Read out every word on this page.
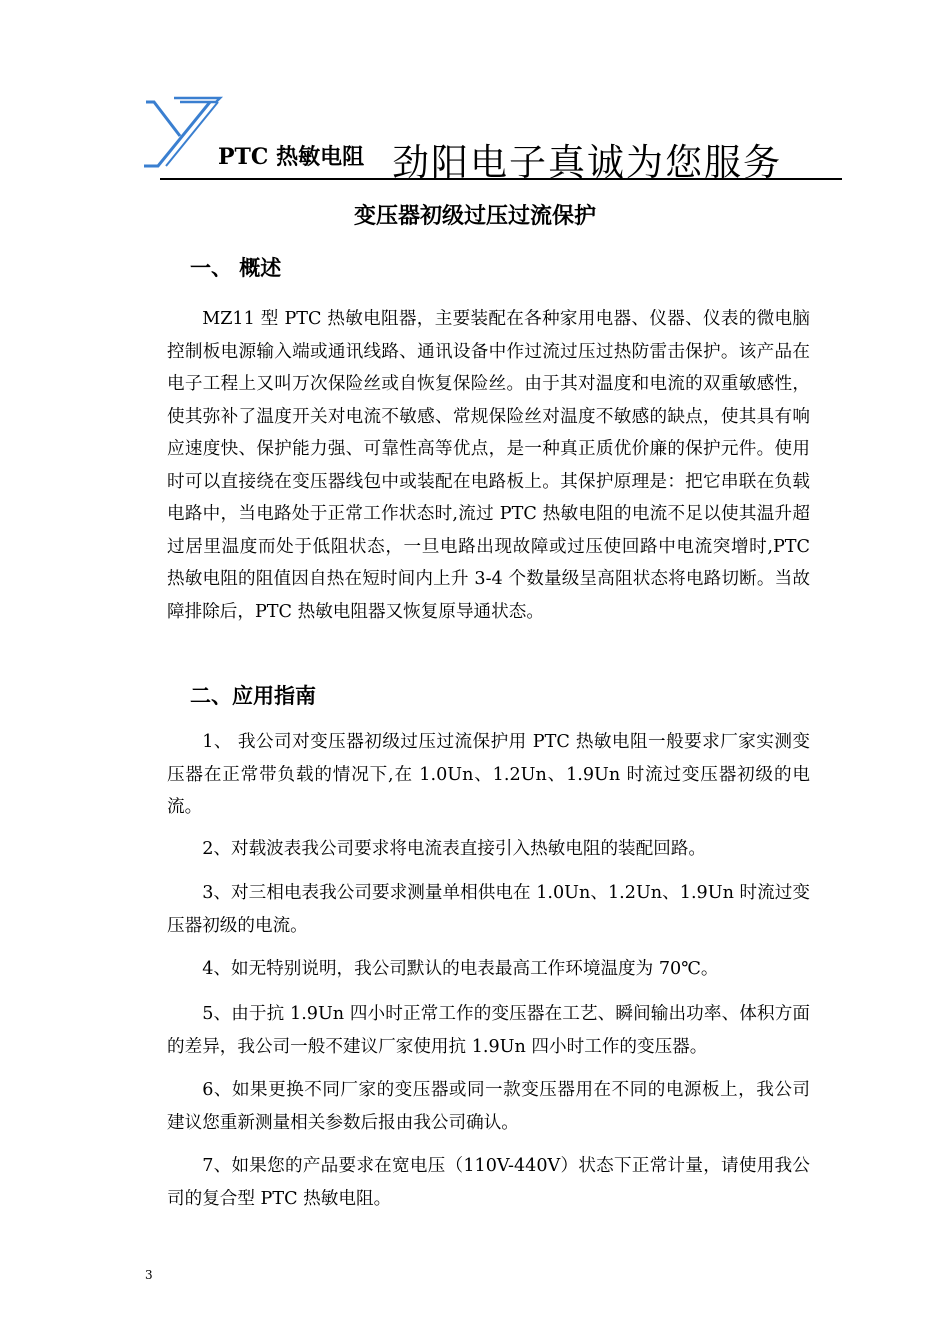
PTC 热敏电阻 劲阳电子真诚为您服务
变压器初级过压过流保护
一、 概述

MZ11 型 PTC 热敏电阻器，主要装配在各种家用电器、仪器、仪表的微电脑控制板电源输入端或通讯线路、通讯设备中作过流过压过热防雷击保护。该产品在电子工程上又叫万次保险丝或自恢复保险丝。由于其对温度和电流的双重敏感性，使其弥补了温度开关对电流不敏感、常规保险丝对温度不敏感的缺点，使其具有响应速度快、保护能力强、可靠性高等优点，是一种真正质优价廉的保护元件。使用时可以直接绕在变压器线包中或装配在电路板上。其保护原理是：把它串联在负载电路中，当电路处于正常工作状态时,流过 PTC 热敏电阻的电流不足以使其温升超过居里温度而处于低阻状态，一旦电路出现故障或过压使回路中电流突增时,PTC 热敏电阻的阻值因自热在短时间内上升 3-4 个数量级呈高阻状态将电路切断。当故障排除后，PTC 热敏电阻器又恢复原导通状态。

二、应用指南

1、 我公司对变压器初级过压过流保护用 PTC 热敏电阻一般要求厂家实测变压器在正常带负载的情况下,在 1.0Un、1.2Un、1.9Un 时流过变压器初级的电流。

2、对载波表我公司要求将电流表直接引入热敏电阻的装配回路。

3、对三相电表我公司要求测量单相供电在 1.0Un、1.2Un、1.9Un 时流过变压器初级的电流。

4、如无特别说明，我公司默认的电表最高工作环境温度为 70℃。

5、由于抗 1.9Un 四小时正常工作的变压器在工艺、瞬间输出功率、体积方面的差异，我公司一般不建议厂家使用抗 1.9Un 四小时工作的变压器。

6、如果更换不同厂家的变压器或同一款变压器用在不同的电源板上，我公司建议您重新测量相关参数后报由我公司确认。

7、如果您的产品要求在宽电压（110V-440V）状态下正常计量，请使用我公司的复合型 PTC 热敏电阻。

3
